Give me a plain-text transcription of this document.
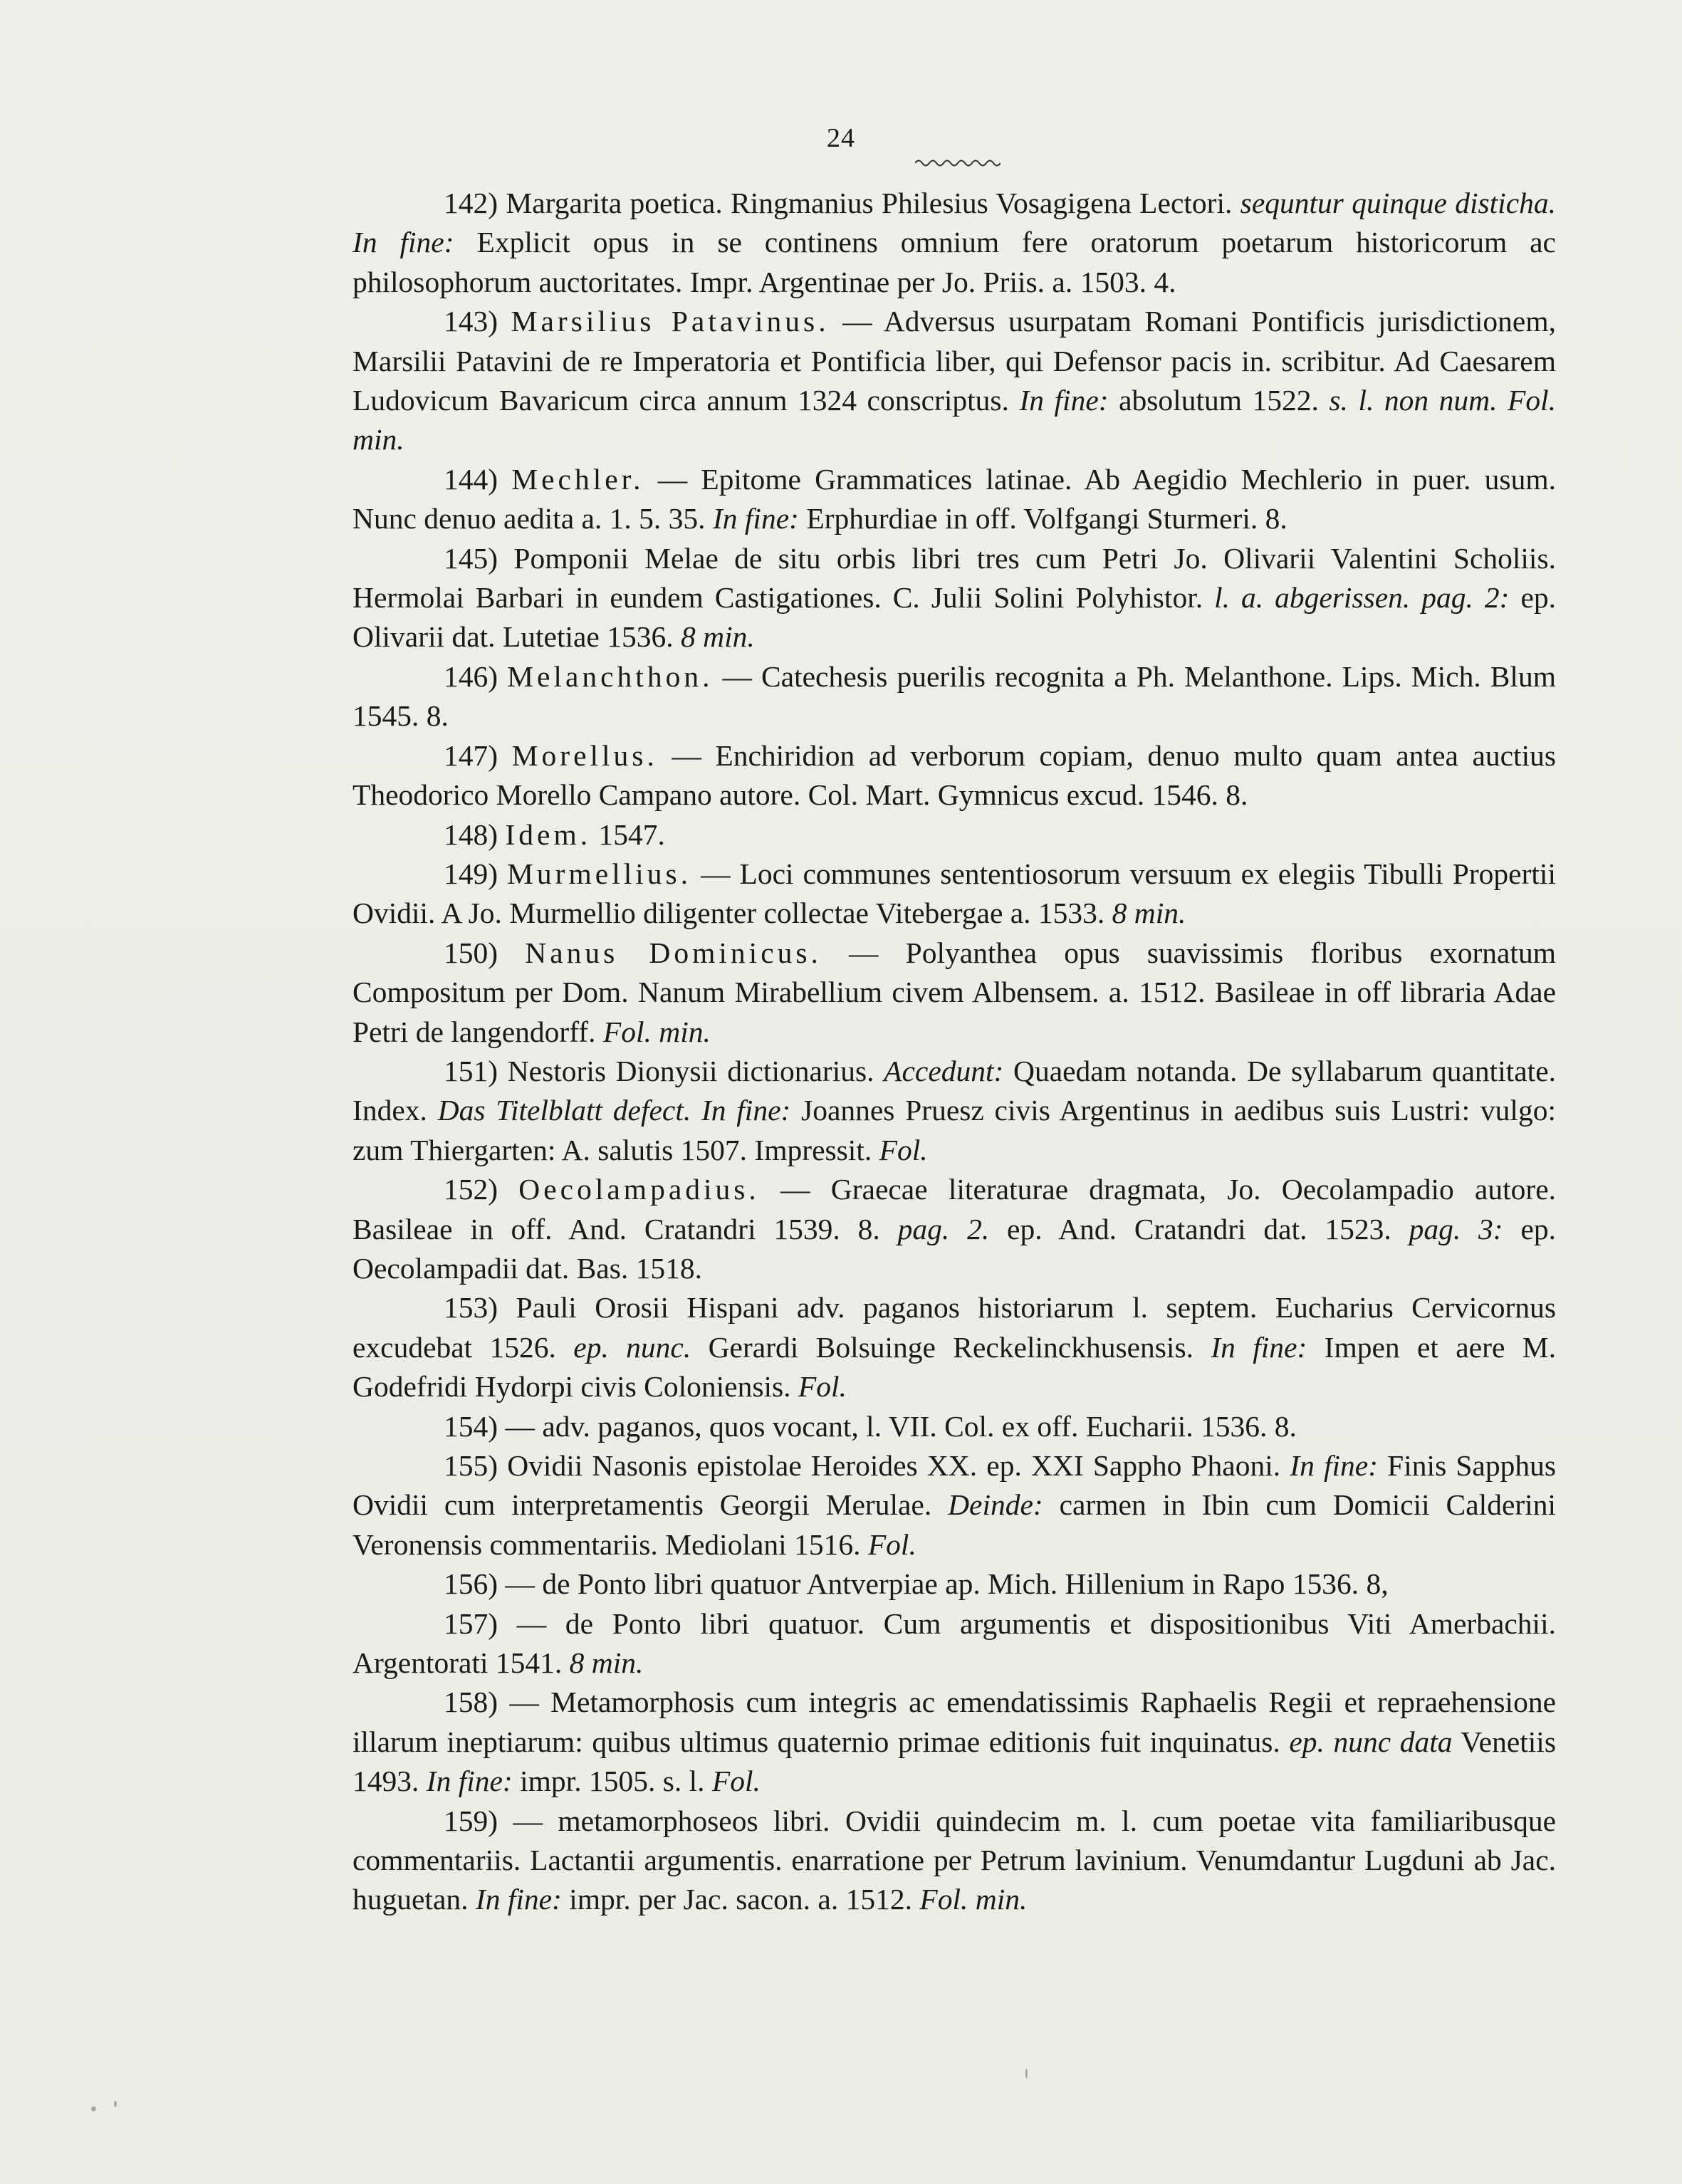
24

142) Margarita poetica. Ringmanius Philesius Vosagigena Lectori. sequntur quinque disticha. In fine: Explicit opus in se continens omnium fere oratorum poetarum historicorum ac philosophorum auctoritates. Impr. Argentinae per Jo. Priis. a. 1503. 4.

143) Marsilius Patavinus. — Adversus usurpatam Romani Pontificis jurisdictionem, Marsilii Patavini de re Imperatoria et Pontificia liber, qui Defensor pacis in. scribitur. Ad Caesarem Ludovicum Bavaricum circa annum 1324 conscriptus. In fine: absolutum 1522. s. l. non num. Fol. min.

144) Mechler. — Epitome Grammatices latinae. Ab Aegidio Mechlerio in puer. usum. Nunc denuo aedita a. 1. 5. 35. In fine: Erphurdiae in off. Volfgangi Sturmeri. 8.

145) Pomponii Melae de situ orbis libri tres cum Petri Jo. Olivarii Valentini Scholiis. Hermolai Barbari in eundem Castigationes. C. Julii Solini Polyhistor. l. a. abgerissen. pag. 2: ep. Olivarii dat. Lutetiae 1536. 8 min.

146) Melanchthon. — Catechesis puerilis recognita a Ph. Melanthone. Lips. Mich. Blum 1545. 8.

147) Morellus. — Enchiridion ad verborum copiam, denuo multo quam antea auctius Theodorico Morello Campano autore. Col. Mart. Gymnicus excud. 1546. 8.

148) Idem. 1547.

149) Murmellius. — Loci communes sententiosorum versuum ex elegiis Tibulli Propertii Ovidii. A Jo. Murmellio diligenter collectae Vitebergae a. 1533. 8 min.

150) Nanus Dominicus. — Polyanthea opus suavissimis floribus exornatum Compositum per Dom. Nanum Mirabellium civem Albensem. a. 1512. Basileae in off libraria Adae Petri de langendorff. Fol. min.

151) Nestoris Dionysii dictionarius. Accedunt: Quaedam notanda. De syllabarum quantitate. Index. Das Titelblatt defect. In fine: Joannes Pruesz civis Argentinus in aedibus suis Lustri: vulgo: zum Thiergarten: A. salutis 1507. Impressit. Fol.

152) Oecolampadius. — Graecae literaturae dragmata, Jo. Oecolampadio autore. Basileae in off. And. Cratandri 1539. 8. pag. 2. ep. And. Cratandri dat. 1523. pag. 3: ep. Oecolampadii dat. Bas. 1518.

153) Pauli Orosii Hispani adv. paganos historiarum l. septem. Eucharius Cervicornus excudebat 1526. ep. nunc. Gerardi Bolsuinge Reckelinckhusensis. In fine: Impen et aere M. Godefridi Hydorpi civis Coloniensis. Fol.

154) — adv. paganos, quos vocant, l. VII. Col. ex off. Eucharii. 1536. 8.

155) Ovidii Nasonis epistolae Heroides XX. ep. XXI Sappho Phaoni. In fine: Finis Sapphus Ovidii cum interpretamentis Georgii Merulae. Deinde: carmen in Ibin cum Domicii Calderini Veronensis commentariis. Mediolani 1516. Fol.

156) — de Ponto libri quatuor Antverpiae ap. Mich. Hillenium in Rapo 1536. 8,

157) — de Ponto libri quatuor. Cum argumentis et dispositionibus Viti Amerbachii. Argentorati 1541. 8 min.

158) — Metamorphosis cum integris ac emendatissimis Raphaelis Regii et repraehensione illarum ineptiarum: quibus ultimus quaternio primae editionis fuit inquinatus. ep. nunc data Venetiis 1493. In fine: impr. 1505. s. l. Fol.

159) — metamorphoseos libri. Ovidii quindecim m. l. cum poetae vita familiaribusque commentariis. Lactantii argumentis. enarratione per Petrum lavinium. Venumdantur Lugduni ab Jac. huguetan. In fine: impr. per Jac. sacon. a. 1512. Fol. min.
